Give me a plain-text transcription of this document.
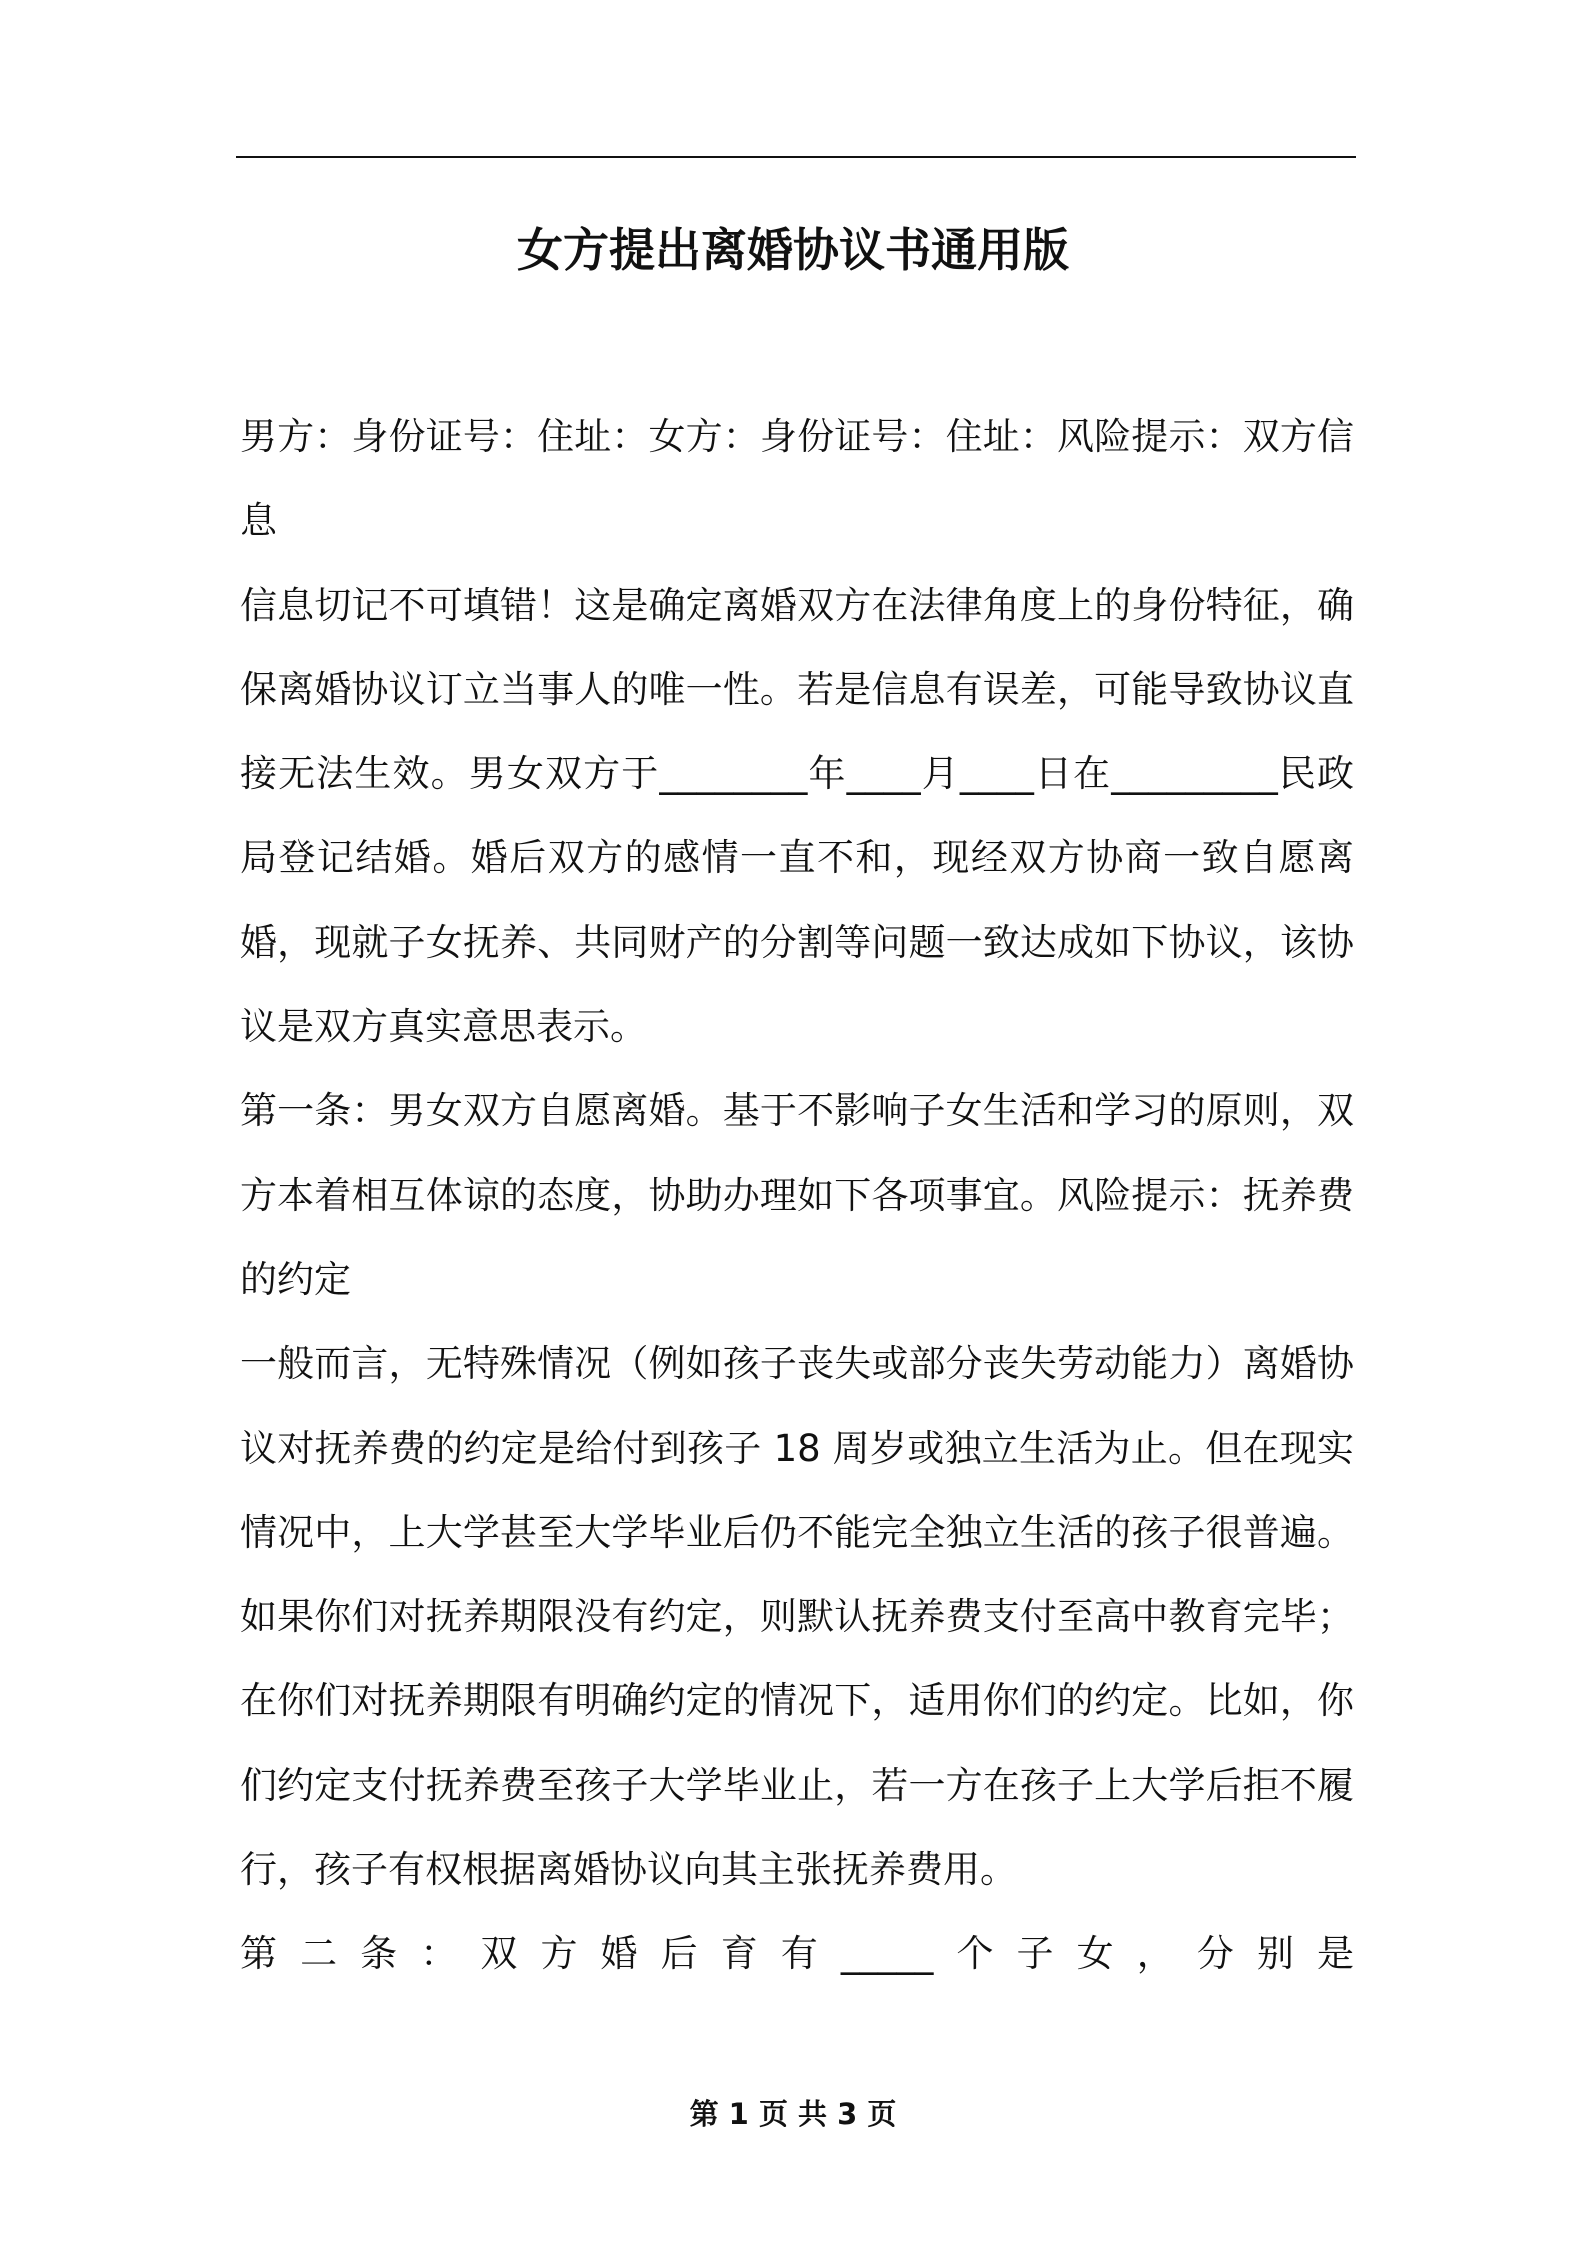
女方提出离婚协议书通用版

男方：身份证号：住址：女方：身份证号：住址：风险提示：双方信息

信息切记不可填错！这是确定离婚双方在法律角度上的身份特征，确保离婚协议订立当事人的唯一性。若是信息有误差，可能导致协议直接无法生效。男女双方于________年____月____日在_________民政局登记结婚。婚后双方的感情一直不和，现经双方协商一致自愿离婚，现就子女抚养、共同财产的分割等问题一致达成如下协议，该协议是双方真实意思表示。

第一条：男女双方自愿离婚。基于不影响子女生活和学习的原则，双方本着相互体谅的态度，协助办理如下各项事宜。风险提示：抚养费的约定

一般而言，无特殊情况（例如孩子丧失或部分丧失劳动能力）离婚协议对抚养费的约定是给付到孩子 18 周岁或独立生活为止。但在现实情况中，上大学甚至大学毕业后仍不能完全独立生活的孩子很普遍。如果你们对抚养期限没有约定，则默认抚养费支付至高中教育完毕；在你们对抚养期限有明确约定的情况下，适用你们的约定。比如，你们约定支付抚养费至孩子大学毕业止，若一方在孩子上大学后拒不履行，孩子有权根据离婚协议向其主张抚养费用。

第二条：双方婚后育有_____个子女，分别是

第 1 页 共 3 页
